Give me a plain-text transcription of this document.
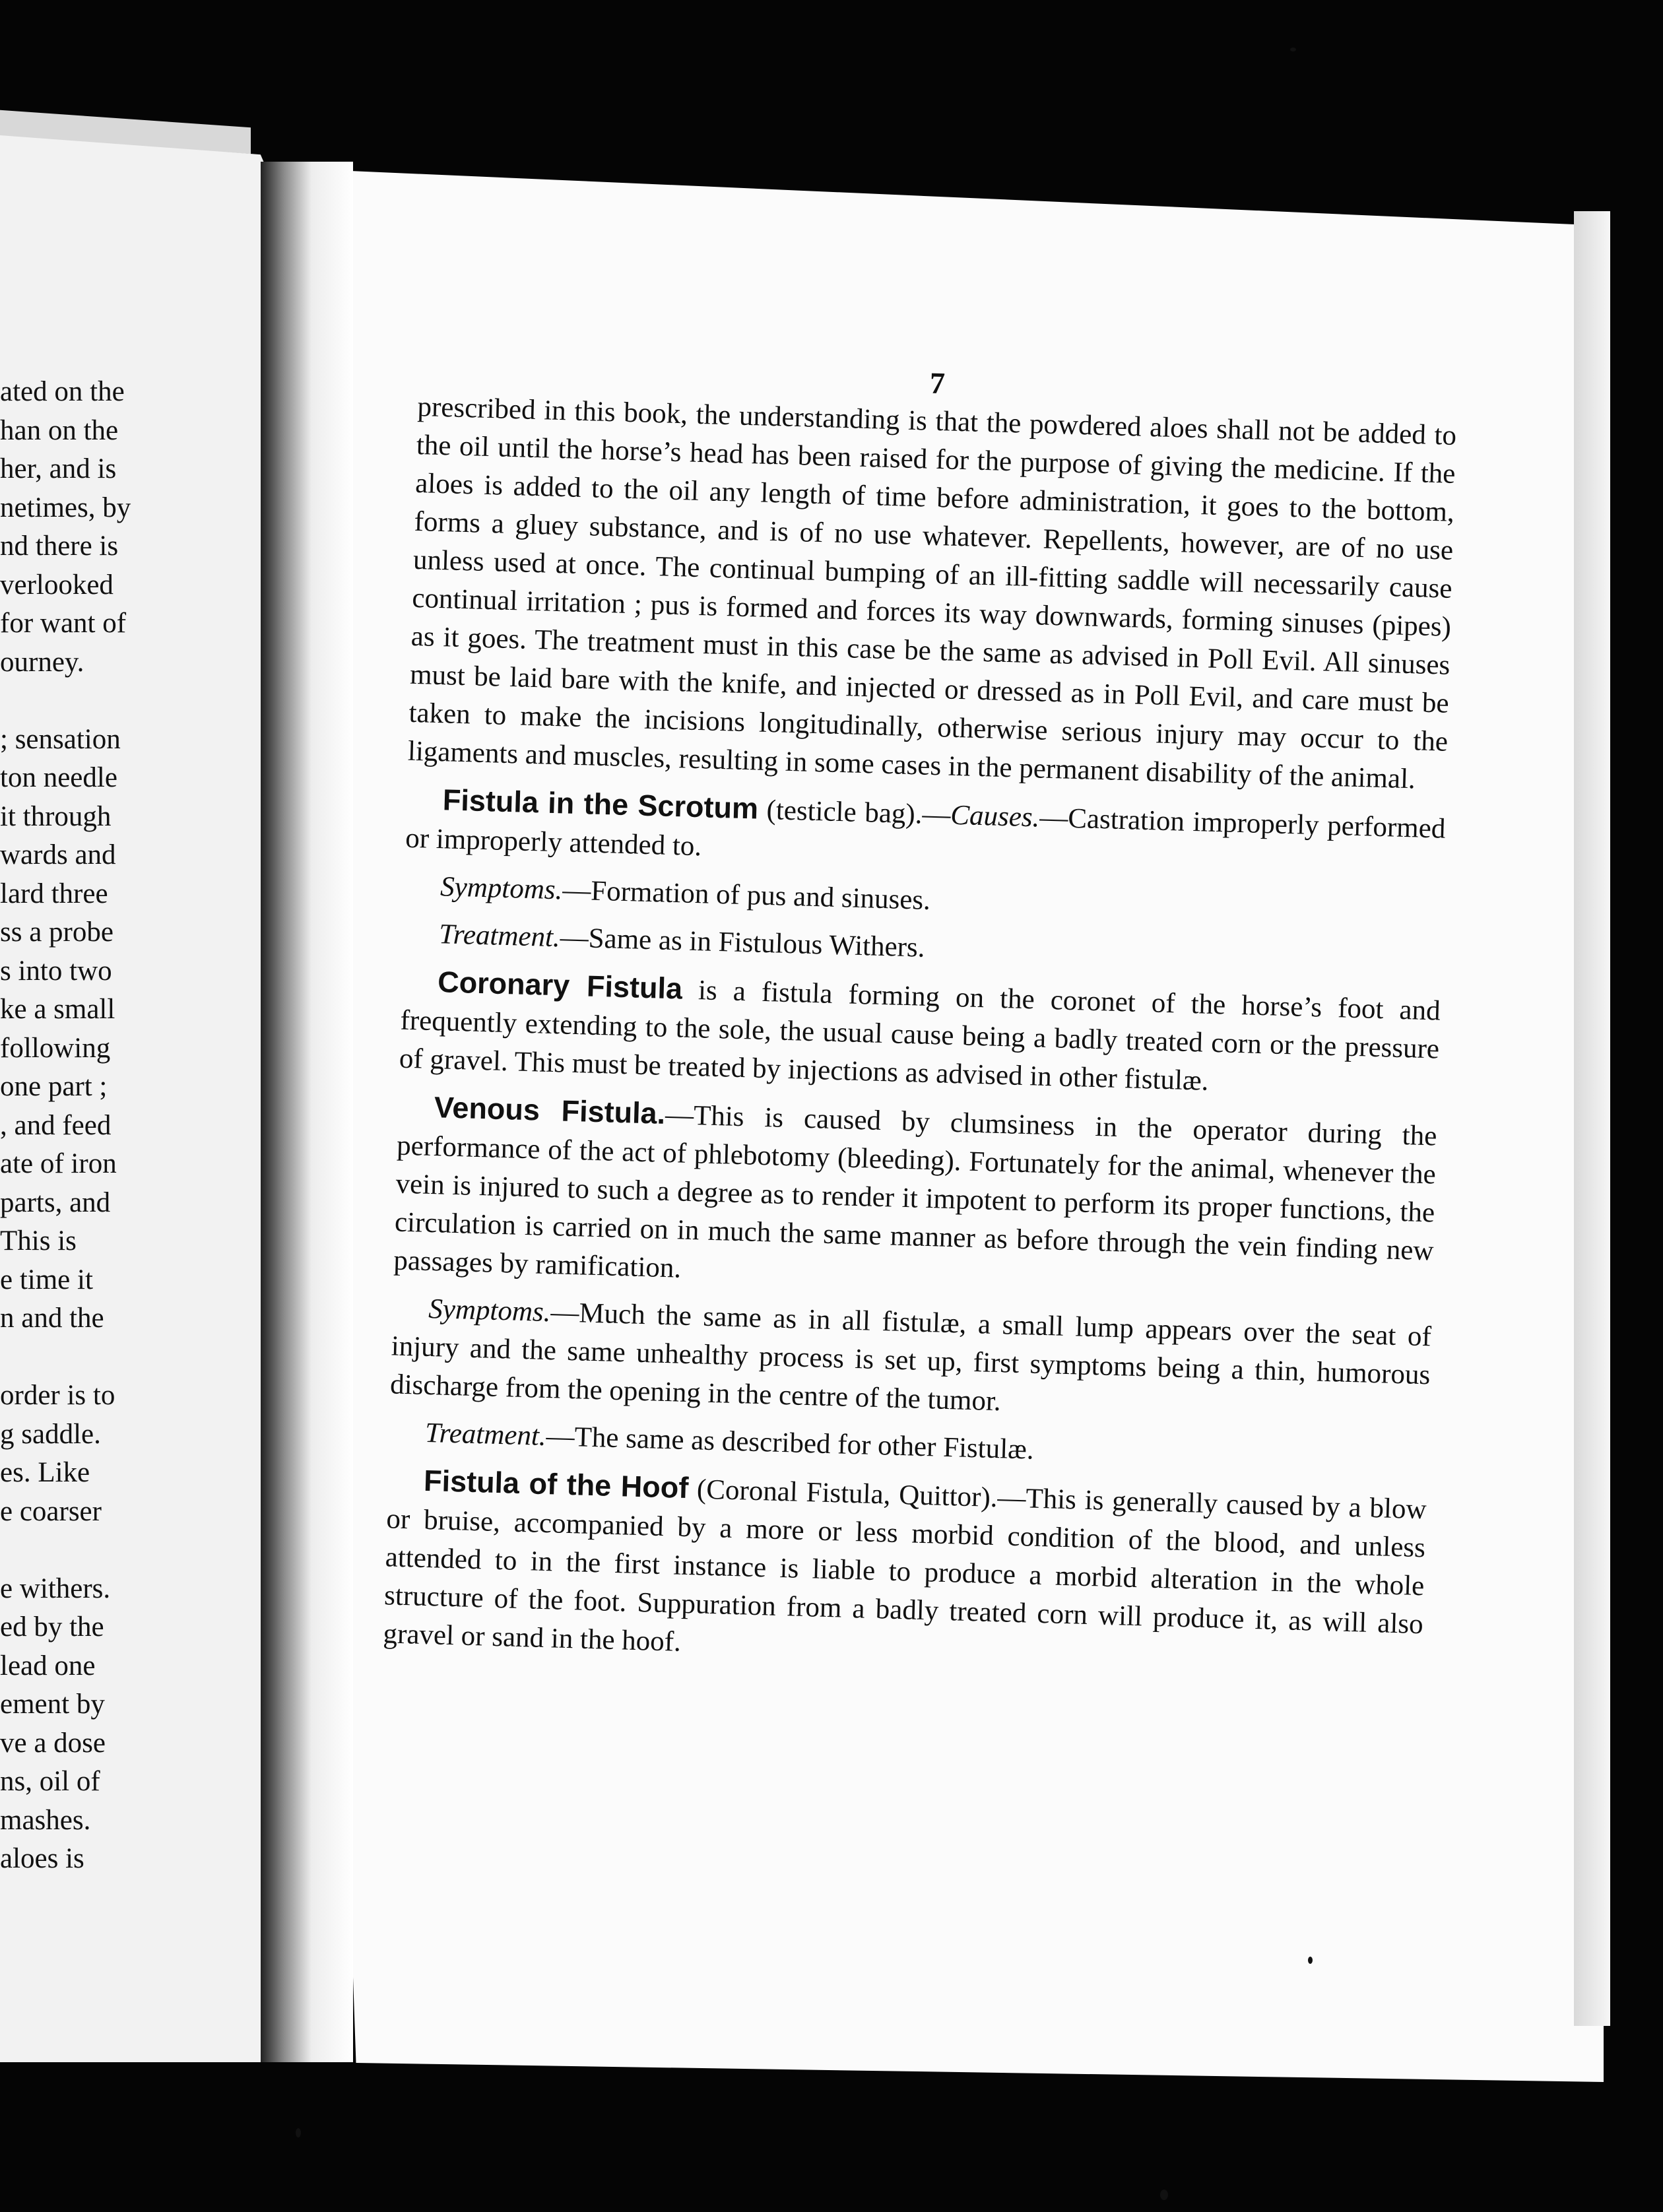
ated on the
han on the
her, and is
netimes, by
nd there is
verlooked
for want of
ourney.

; sensation
ton needle
it through
wards and
lard three
ss a probe
s into two
ke a small
following
one part ;
, and feed
ate of iron
parts, and
This is
e time it
n and the

order is to
g saddle.
es. Like
e coarser

e withers.
ed by the
lead one
ement by
ve a dose
ns, oil of
mashes.
aloes is
7

prescribed in this book, the understanding is that the powdered aloes shall not be added to the oil until the horse’s head has been raised for the purpose of giving the medicine. If the aloes is added to the oil any length of time before administration, it goes to the bottom, forms a gluey substance, and is of no use whatever. Repellents, however, are of no use unless used at once. The continual bumping of an ill-fitting saddle will necessarily cause continual irritation ; pus is formed and forces its way downwards, forming sinuses (pipes) as it goes. The treatment must in this case be the same as advised in Poll Evil. All sinuses must be laid bare with the knife, and injected or dressed as in Poll Evil, and care must be taken to make the incisions longitudinally, otherwise serious injury may occur to the ligaments and muscles, resulting in some cases in the permanent disability of the animal.

Fistula in the Scrotum (testicle bag).—Causes.—Castration improperly performed or improperly attended to.

Symptoms.—Formation of pus and sinuses.

Treatment.—Same as in Fistulous Withers.

Coronary Fistula is a fistula forming on the coronet of the horse’s foot and frequently extending to the sole, the usual cause being a badly treated corn or the pressure of gravel. This must be treated by injections as advised in other fistulæ.

Venous Fistula.—This is caused by clumsiness in the operator during the performance of the act of phlebotomy (bleeding). Fortunately for the animal, whenever the vein is injured to such a degree as to render it impotent to perform its proper functions, the circulation is carried on in much the same manner as before through the vein finding new passages by ramification.

Symptoms.—Much the same as in all fistulæ, a small lump appears over the seat of injury and the same unhealthy process is set up, first symptoms being a thin, humorous discharge from the opening in the centre of the tumor.

Treatment.—The same as described for other Fistulæ.

Fistula of the Hoof (Coronal Fistula, Quittor).—This is generally caused by a blow or bruise, accompanied by a more or less morbid condition of the blood, and unless attended to in the first instance is liable to produce a morbid alteration in the whole structure of the foot. Suppuration from a badly treated corn will produce it, as will also gravel or sand in the hoof.
